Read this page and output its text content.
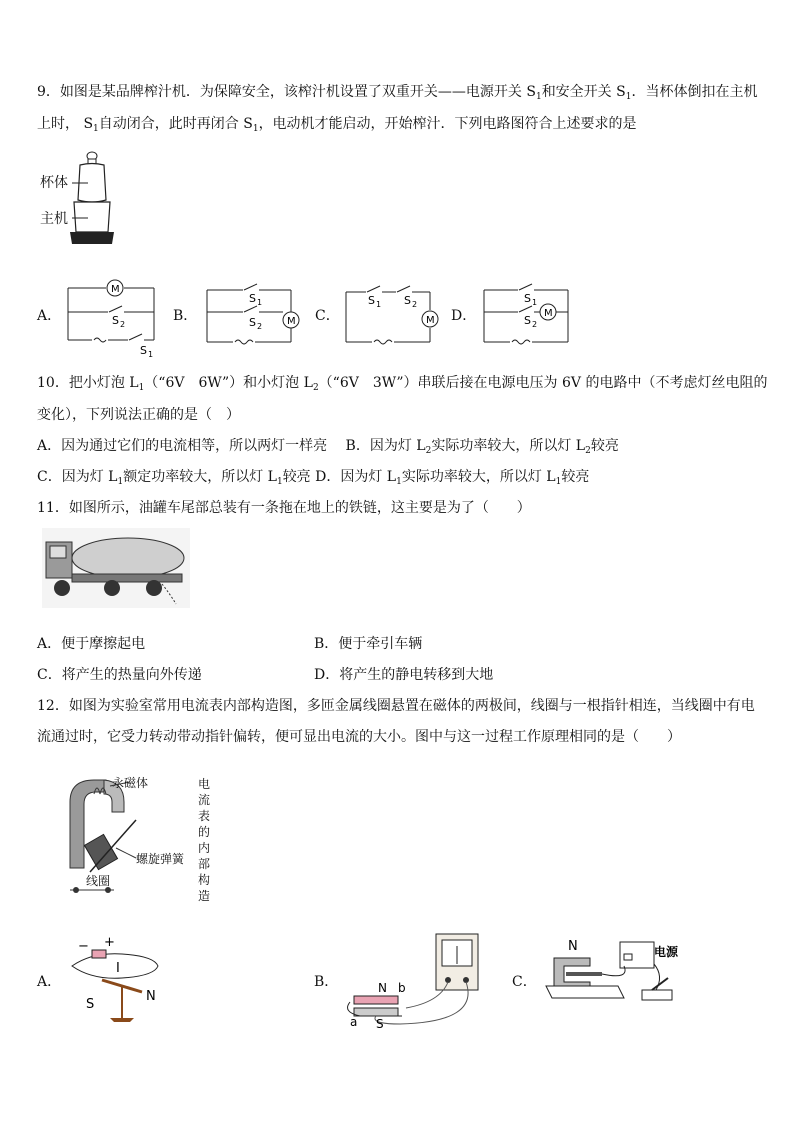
9．如图是某品牌榨汁机．为保障安全，该榨汁机设置了双重开关——电源开关 $S_1$和安全开关 $S_1$．当杯体倒扣在主机
上时， $S_1$自动闭合，此时再闭合 $S_1$，电动机才能启动，开始榨汁．下列电路图符合上述要求的是
杯体
主机
A．
M
S 2
S 1
B．
S 1
S 2 M C．
S 1 S 2
M D．
S 1
S 2
M
10．把小灯泡 $L_1(“6V$　6W”）和小灯泡 $L_2(“6V$　3W”）串联后接在电源电压为 6V 的电路中（不考虑灯丝电阻的
变化），下列说法正确的是（　）
A．因为通过它们的电流相等，所以两灯一样亮　 B．因为灯 $L_2$实际功率较大，所以灯 $L_2$较亮
C．因为灯 $L_1$额定功率较大，所以灯 $L_1$较亮 D．因为灯 $L_1$实际功率较大，所以灯 $L_1$较亮
11．如图所示，油罐车尾部总装有一条拖在地上的铁链，这主要是为了（　　）
A．便于摩擦起电	B．便于牵引车辆
C．将产生的热量向外传递	D．将产生的静电转移到大地
12．如图为实验室常用电流表内部构造图，多匝金属线圈悬置在磁体的两极间，线圈与一根指针相连，当线圈中有电
流通过时，它受力转动带动指针偏转，便可显出电流的大小。图中与这一过程工作原理相同的是（　　）
永磁体
螺旋弹簧
线圈
电
流
表
的
内
部
构
造
A．
− +
I
S
N
B．	N b
a S
C．
N	电源
